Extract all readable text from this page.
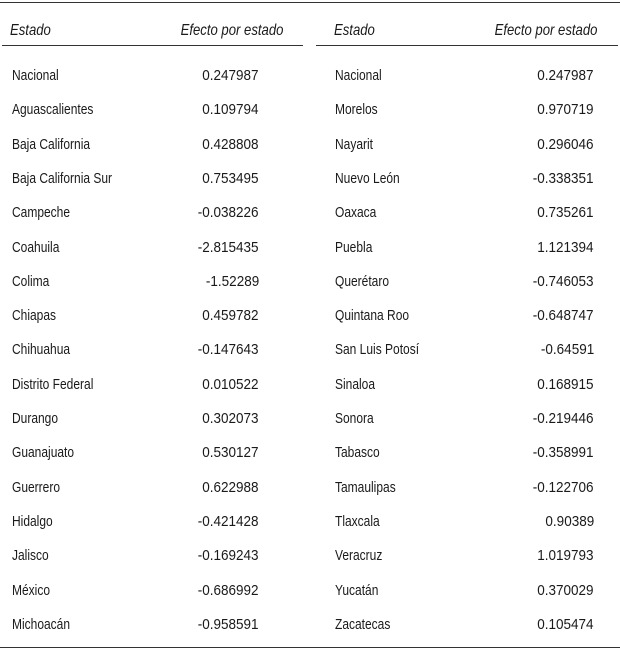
Estado	Efecto por estado
Nacional	0.247987
Aguascalientes	0.109794
Baja California	0.428808
Baja California Sur	0.753495
Campeche	-0.038226
Coahuila	-2.815435
Colima	-1.52289
Chiapas	0.459782
Chihuahua	-0.147643
Distrito Federal	0.010522
Durango	0.302073
Guanajuato	0.530127
Guerrero	0.622988
Hidalgo	-0.421428
Jalisco	-0.169243
México	-0.686992
Michoacán	-0.958591
Estado	Efecto por estado
Nacional	0.247987
Morelos	0.970719
Nayarit	0.296046
Nuevo León	-0.338351
Oaxaca	0.735261
Puebla	1.121394
Querétaro	-0.746053
Quintana Roo	-0.648747
San Luis Potosí	-0.64591
Sinaloa	0.168915
Sonora	-0.219446
Tabasco	-0.358991
Tamaulipas	-0.122706
Tlaxcala	0.90389
Veracruz	1.019793
Yucatán	0.370029
Zacatecas	0.105474
